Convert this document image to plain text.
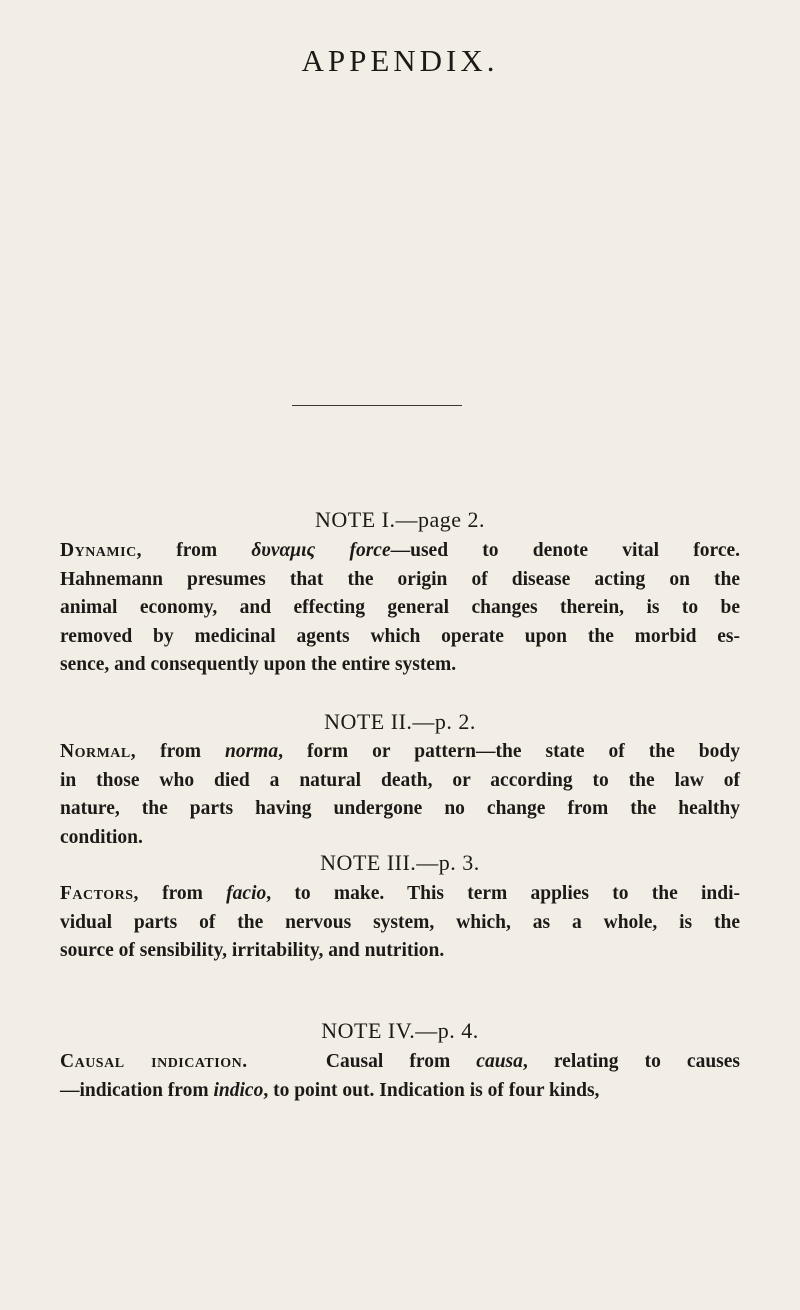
APPENDIX.
NOTE I.—page 2.
Dynamic, from δυναμις force—used to denote vital force.
Hahnemann presumes that the origin of disease acting on the
animal economy, and effecting general changes therein, is to be
removed by medicinal agents which operate upon the morbid es-
sence, and consequently upon the entire system.
NOTE II.—p. 2.
Normal, from norma, form or pattern—the state of the body
in those who died a natural death, or according to the law of
nature, the parts having undergone no change from the healthy
condition.
NOTE III.—p. 3.
Factors, from facio, to make. This term applies to the indi-
vidual parts of the nervous system, which, as a whole, is the
source of sensibility, irritability, and nutrition.
NOTE IV.—p. 4.
Causal indication.	Causal from causa, relating to causes
—indication from indico, to point out. Indication is of four kinds,
